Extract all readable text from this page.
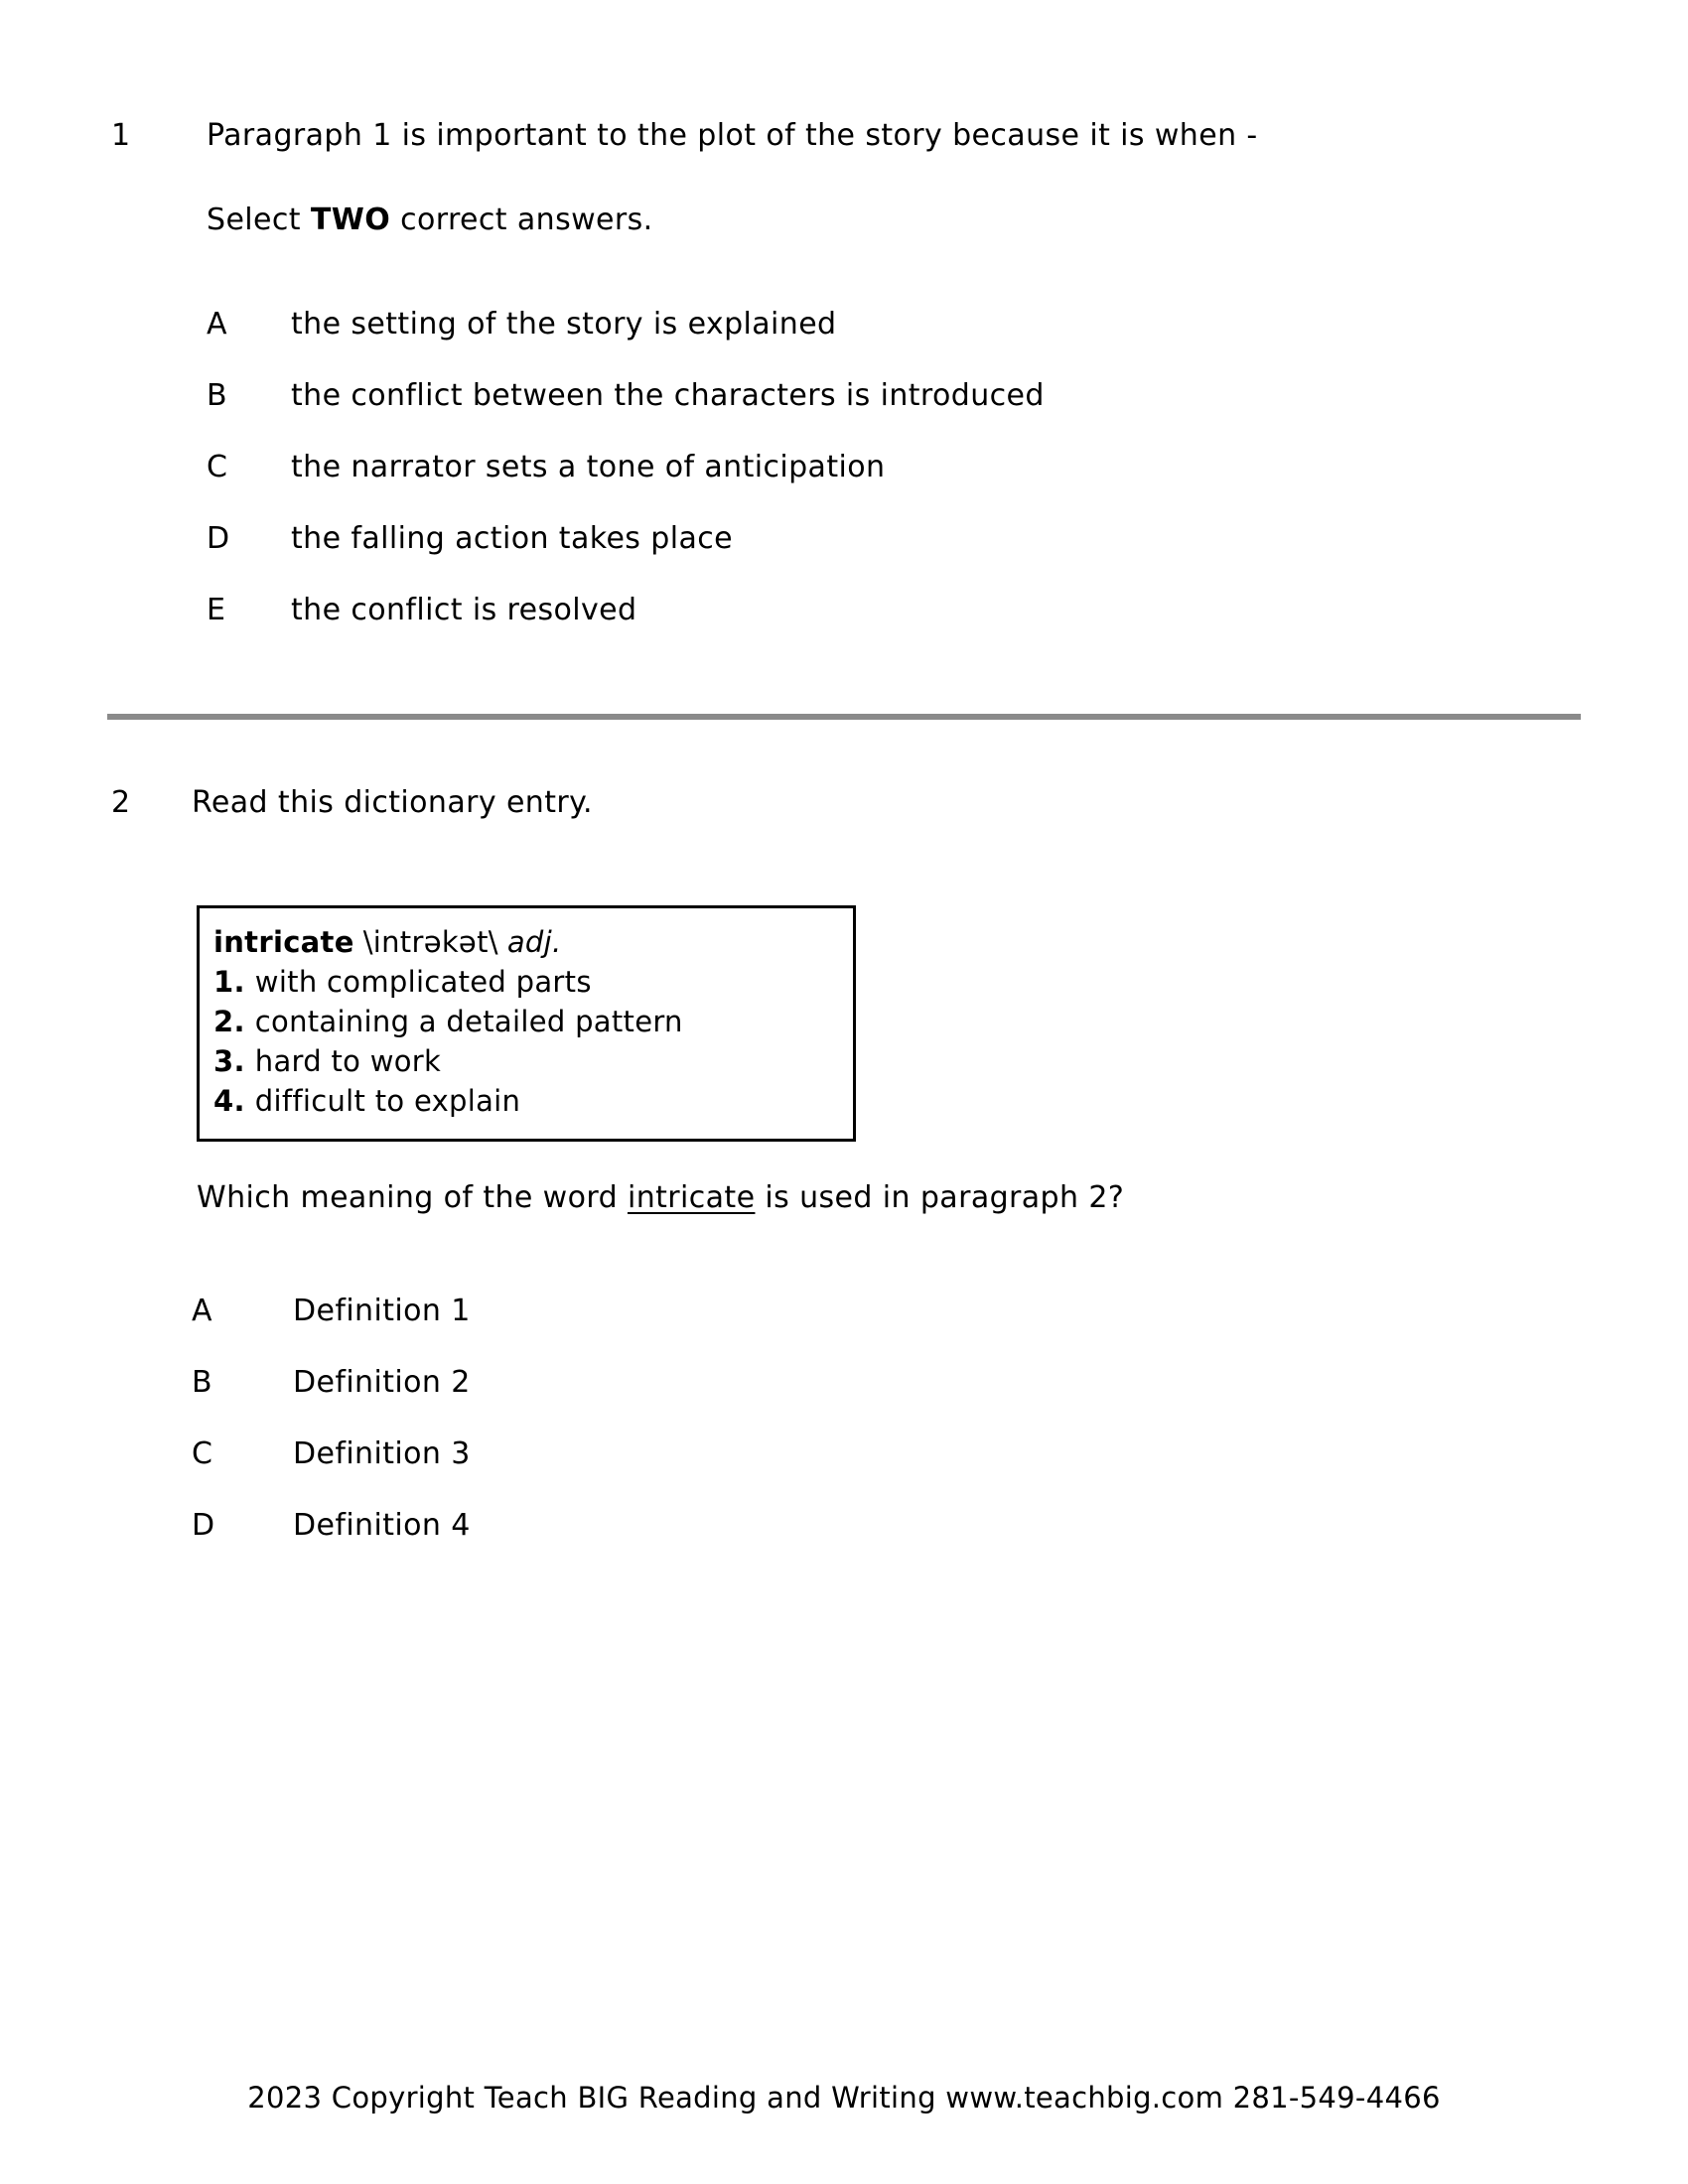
1	Paragraph 1 is important to the plot of the story because it is when -
Select TWO correct answers.
A the setting of the story is explained
B the conflict between the characters is introduced
C the narrator sets a tone of anticipation
D the falling action takes place
E the conflict is resolved
2 Read this dictionary entry.
intricate \intrəkət\ adj.
1. with complicated parts
2. containing a detailed pattern
3. hard to work
4. difficult to explain
Which meaning of the word intricate is used in paragraph 2?
A	Definition 1
B	Definition 2
C	Definition 3
D	Definition 4
2023 Copyright Teach BIG Reading and Writing www.teachbig.com 281-549-4466
